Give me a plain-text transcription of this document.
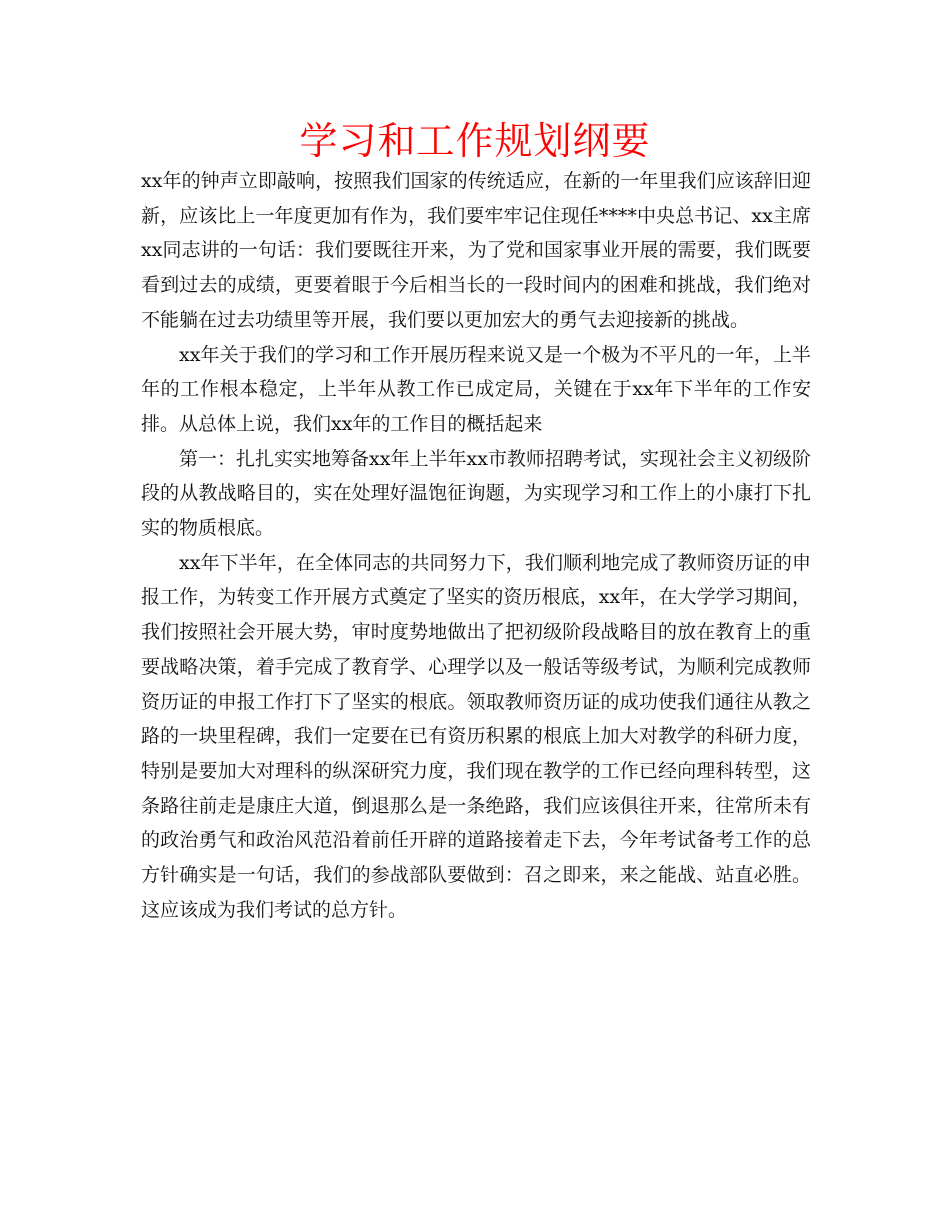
学习和工作规划纲要

xx年的钟声立即敲响，按照我们国家的传统适应，在新的一年里我们应该辞旧迎新，应该比上一年度更加有作为，我们要牢牢记住现任****中央总书记、xx主席xx同志讲的一句话：我们要既往开来，为了党和国家事业开展的需要，我们既要看到过去的成绩，更要着眼于今后相当长的一段时间内的困难和挑战，我们绝对不能躺在过去功绩里等开展，我们要以更加宏大的勇气去迎接新的挑战。

xx年关于我们的学习和工作开展历程来说又是一个极为不平凡的一年，上半年的工作根本稳定，上半年从教工作已成定局，关键在于xx年下半年的工作安排。从总体上说，我们xx年的工作目的概括起来

第一：扎扎实实地筹备xx年上半年xx市教师招聘考试，实现社会主义初级阶段的从教战略目的，实在处理好温饱征询题，为实现学习和工作上的小康打下扎实的物质根底。

xx年下半年，在全体同志的共同努力下，我们顺利地完成了教师资历证的申报工作，为转变工作开展方式奠定了坚实的资历根底，xx年，在大学学习期间，我们按照社会开展大势，审时度势地做出了把初级阶段战略目的放在教育上的重要战略决策，着手完成了教育学、心理学以及一般话等级考试，为顺利完成教师资历证的申报工作打下了坚实的根底。领取教师资历证的成功使我们通往从教之路的一块里程碑，我们一定要在已有资历积累的根底上加大对教学的科研力度，特别是要加大对理科的纵深研究力度，我们现在教学的工作已经向理科转型，这条路往前走是康庄大道，倒退那么是一条绝路，我们应该俱往开来，往常所未有的政治勇气和政治风范沿着前任开辟的道路接着走下去，今年考试备考工作的总方针确实是一句话，我们的参战部队要做到：召之即来，来之能战、站直必胜。这应该成为我们考试的总方针。
